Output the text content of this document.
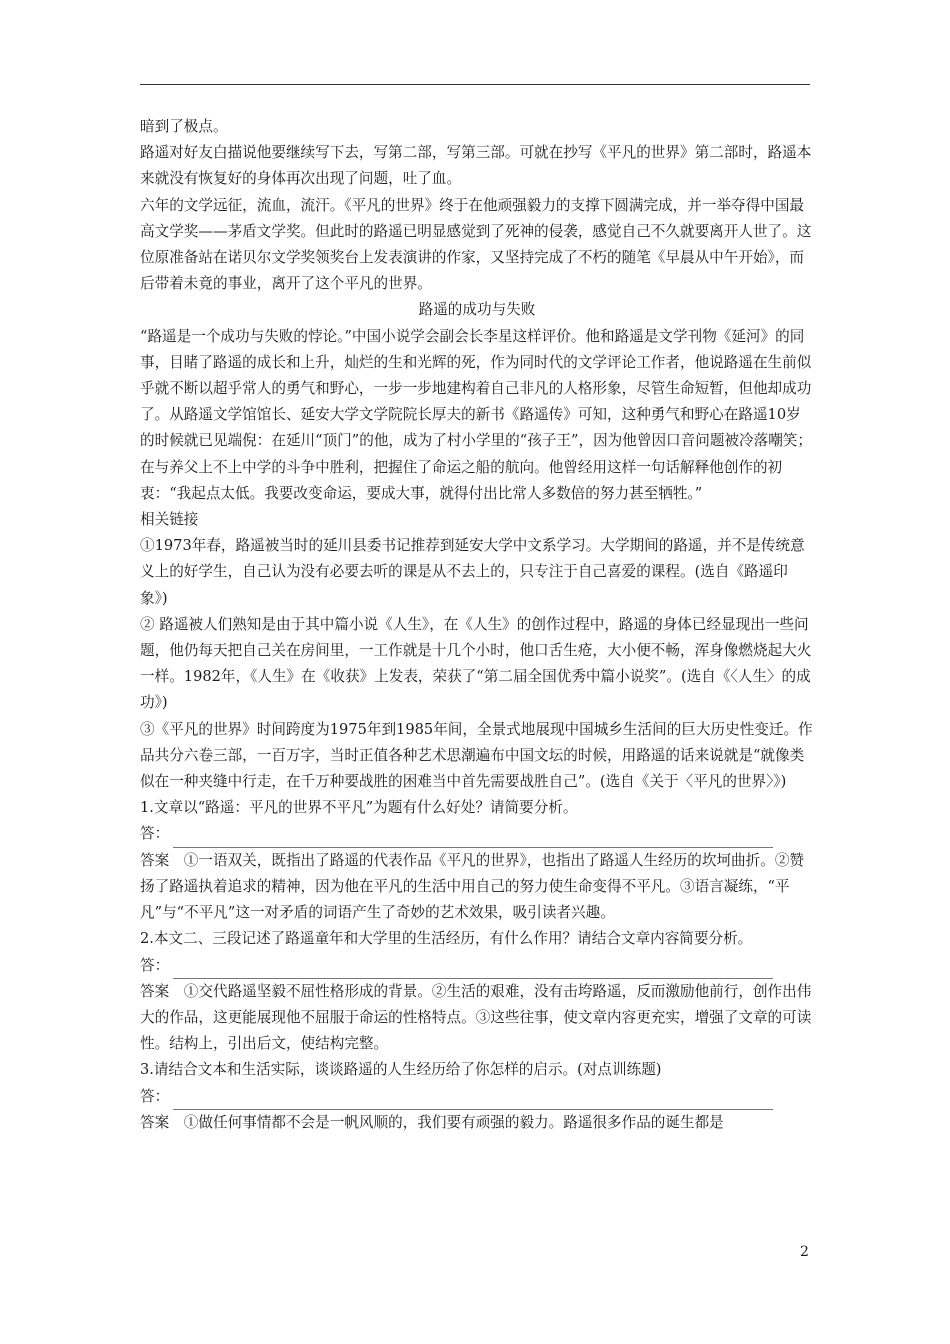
暗到了极点。

路遥对好友白描说他要继续写下去，写第二部，写第三部。可就在抄写《平凡的世界》第二部时，路遥本来就没有恢复好的身体再次出现了问题，吐了血。

六年的文学远征，流血，流汗。《平凡的世界》终于在他顽强毅力的支撑下圆满完成，并一举夺得中国最高文学奖——茅盾文学奖。但此时的路遥已明显感觉到了死神的侵袭，感觉自己不久就要离开人世了。这位原准备站在诺贝尔文学奖领奖台上发表演讲的作家，又坚持完成了不朽的随笔《早晨从中午开始》，而后带着未竟的事业，离开了这个平凡的世界。

路遥的成功与失败

“路遥是一个成功与失败的悖论。”中国小说学会副会长李星这样评价。他和路遥是文学刊物《延河》的同事，目睹了路遥的成长和上升，灿烂的生和光辉的死，作为同时代的文学评论工作者，他说路遥在生前似乎就不断以超乎常人的勇气和野心，一步一步地建构着自己非凡的人格形象，尽管生命短暂，但他却成功了。从路遥文学馆馆长、延安大学文学院院长厚夫的新书《路遥传》可知，这种勇气和野心在路遥10岁的时候就已见端倪：在延川“顶门”的他，成为了村小学里的“孩子王”，因为他曾因口音问题被冷落嘲笑；在与养父上不上中学的斗争中胜利，把握住了命运之船的航向。他曾经用这样一句话解释他创作的初衷：“我起点太低。我要改变命运，要成大事，就得付出比常人多数倍的努力甚至牺牲。”

相关链接

①1973年春，路遥被当时的延川县委书记推荐到延安大学中文系学习。大学期间的路遥，并不是传统意义上的好学生，自己认为没有必要去听的课是从不去上的，只专注于自己喜爱的课程。(选自《路遥印象》)

② 路遥被人们熟知是由于其中篇小说《人生》，在《人生》的创作过程中，路遥的身体已经显现出一些问题，他仍每天把自己关在房间里，一工作就是十几个小时，他口舌生疮，大小便不畅，浑身像燃烧起大火一样。1982年，《人生》在《收获》上发表，荣获了“第二届全国优秀中篇小说奖”。(选自《〈人生〉的成功》)

③《平凡的世界》时间跨度为1975年到1985年间，全景式地展现中国城乡生活间的巨大历史性变迁。作品共分六卷三部，一百万字，当时正值各种艺术思潮遍布中国文坛的时候，用路遥的话来说就是“就像类似在一种夹缝中行走，在千万种要战胜的困难当中首先需要战胜自己”。(选自《关于〈平凡的世界〉》)

1.文章以“路遥：平凡的世界不平凡”为题有什么好处？请简要分析。

答：

答案　①一语双关，既指出了路遥的代表作品《平凡的世界》，也指出了路遥人生经历的坎坷曲折。②赞扬了路遥执着追求的精神，因为他在平凡的生活中用自己的努力使生命变得不平凡。③语言凝练，“平凡”与“不平凡”这一对矛盾的词语产生了奇妙的艺术效果，吸引读者兴趣。

2.本文二、三段记述了路遥童年和大学里的生活经历，有什么作用？请结合文章内容简要分析。

答：

答案　①交代路遥坚毅不屈性格形成的背景。②生活的艰难，没有击垮路遥，反而激励他前行，创作出伟大的作品，这更能展现他不屈服于命运的性格特点。③这些往事，使文章内容更充实，增强了文章的可读性。结构上，引出后文，使结构完整。

3.请结合文本和生活实际，谈谈路遥的人生经历给了你怎样的启示。(对点训练题)

答：

答案　①做任何事情都不会是一帆风顺的，我们要有顽强的毅力。路遥很多作品的诞生都是

2
